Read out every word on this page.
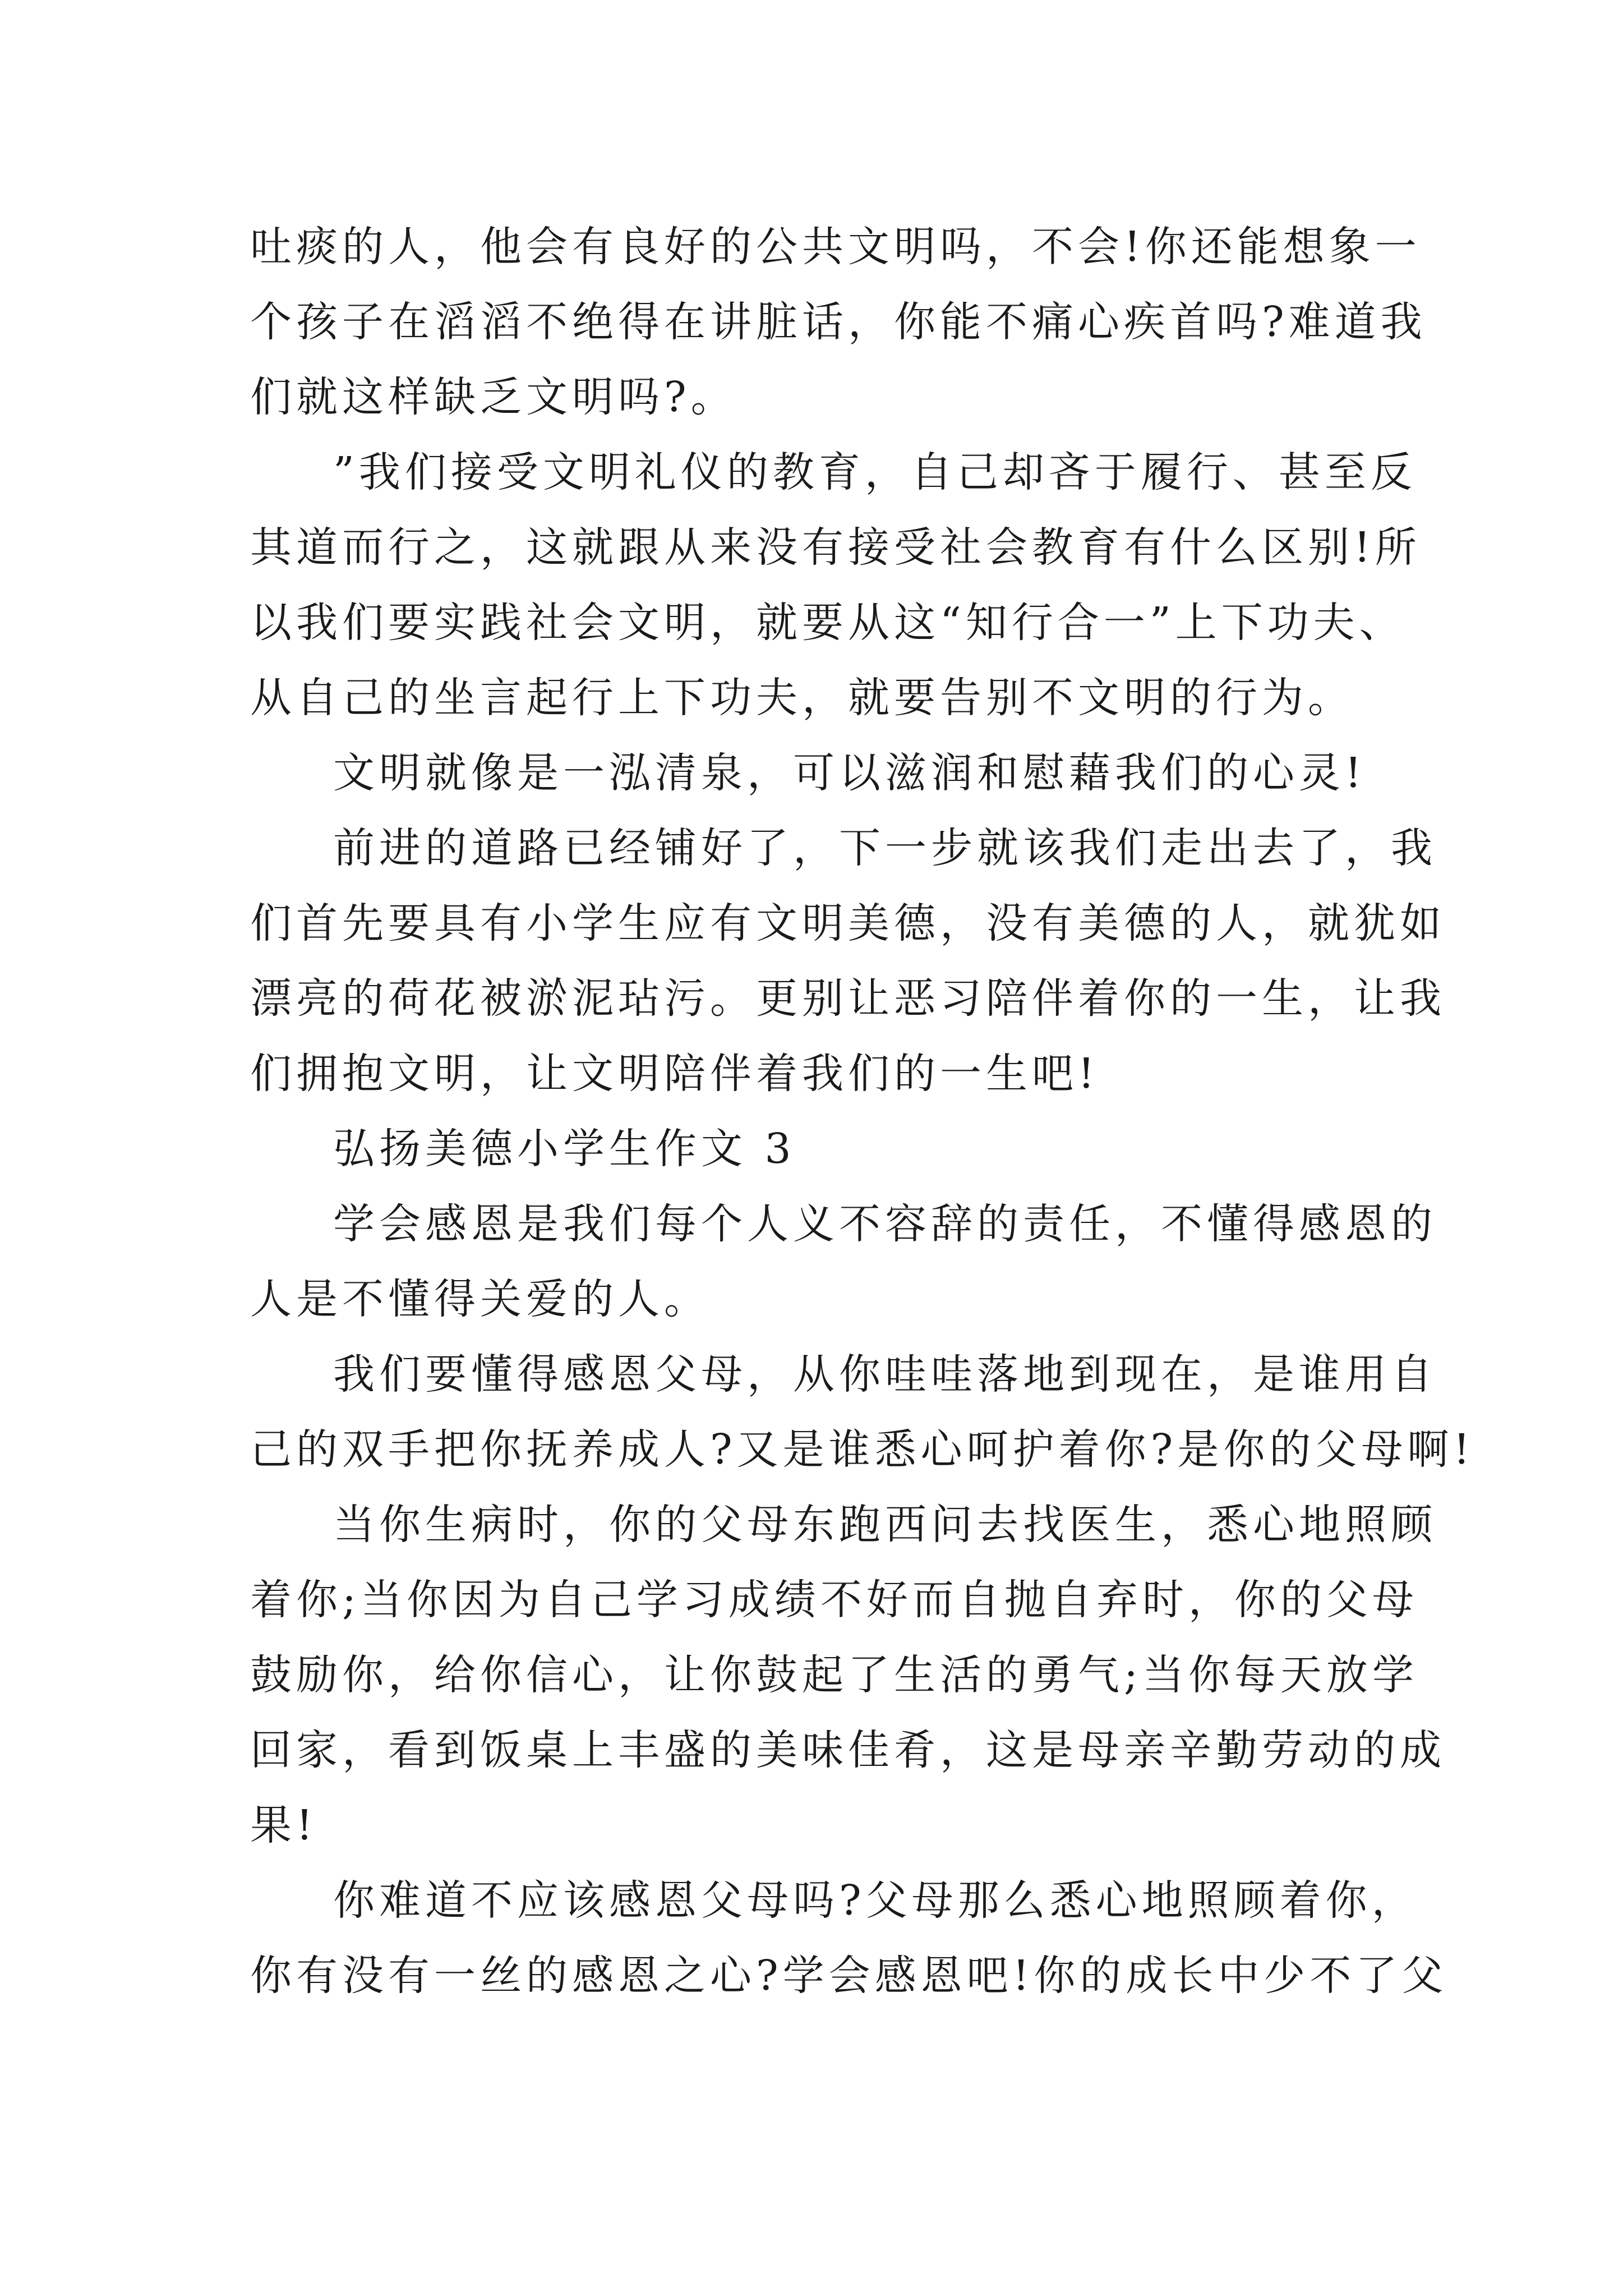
吐痰的人，他会有良好的公共文明吗，不会!你还能想象一
个孩子在滔滔不绝得在讲脏话，你能不痛心疾首吗?难道我
们就这样缺乏文明吗?。
”我们接受文明礼仪的教育，自己却吝于履行、甚至反
其道而行之，这就跟从来没有接受社会教育有什么区别!所
以我们要实践社会文明，就要从这“知行合一”上下功夫、
从自己的坐言起行上下功夫，就要告别不文明的行为。
文明就像是一泓清泉，可以滋润和慰藉我们的心灵!
前进的道路已经铺好了，下一步就该我们走出去了，我
们首先要具有小学生应有文明美德，没有美德的人，就犹如
漂亮的荷花被淤泥玷污。更别让恶习陪伴着你的一生，让我
们拥抱文明，让文明陪伴着我们的一生吧!
弘扬美德小学生作文 3
学会感恩是我们每个人义不容辞的责任，不懂得感恩的
人是不懂得关爱的人。
我们要懂得感恩父母，从你哇哇落地到现在，是谁用自
己的双手把你抚养成人?又是谁悉心呵护着你?是你的父母啊!
当你生病时，你的父母东跑西问去找医生，悉心地照顾
着你;当你因为自己学习成绩不好而自抛自弃时，你的父母
鼓励你，给你信心，让你鼓起了生活的勇气;当你每天放学
回家，看到饭桌上丰盛的美味佳肴，这是母亲辛勤劳动的成
果!
你难道不应该感恩父母吗?父母那么悉心地照顾着你，
你有没有一丝的感恩之心?学会感恩吧!你的成长中少不了父
